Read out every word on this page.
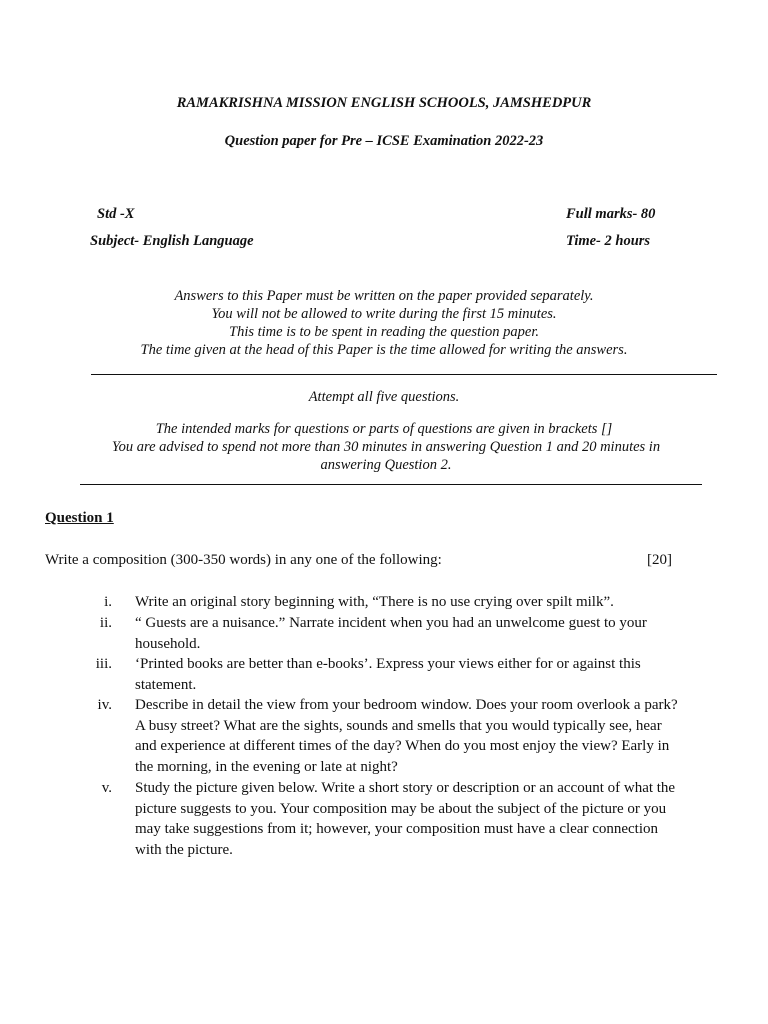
RAMAKRISHNA MISSION ENGLISH SCHOOLS, JAMSHEDPUR
Question paper for Pre – ICSE Examination 2022-23
Std -X	Full marks- 80
Subject- English Language	Time- 2 hours
Answers to this Paper must be written on the paper provided separately.
You will not be allowed to write during the first 15 minutes.
This time is to be spent in reading the question paper.
The time given at the head of this Paper is the time allowed for writing the answers.
Attempt all five questions.
The intended marks for questions or parts of questions are given in brackets []
You are advised to spend not more than 30 minutes in answering Question 1 and 20 minutes in answering Question 2.
Question 1
Write a composition (300-350 words) in any one of the following:	[20]
i. Write an original story beginning with, “There is no use crying over spilt milk”.
ii. “ Guests are a nuisance.” Narrate incident when you had an unwelcome guest to your household.
iii. ‘Printed books are better than e-books’. Express your views either for or against this statement.
iv. Describe in detail the view from your bedroom window. Does your room overlook a park? A busy street? What are the sights, sounds and smells that you would typically see, hear and experience at different times of the day? When do you most enjoy the view? Early in the morning, in the evening or late at night?
v. Study the picture given below. Write a short story or description or an account of what the picture suggests to you. Your composition may be about the subject of the picture or you may take suggestions from it; however, your composition must have a clear connection with the picture.
